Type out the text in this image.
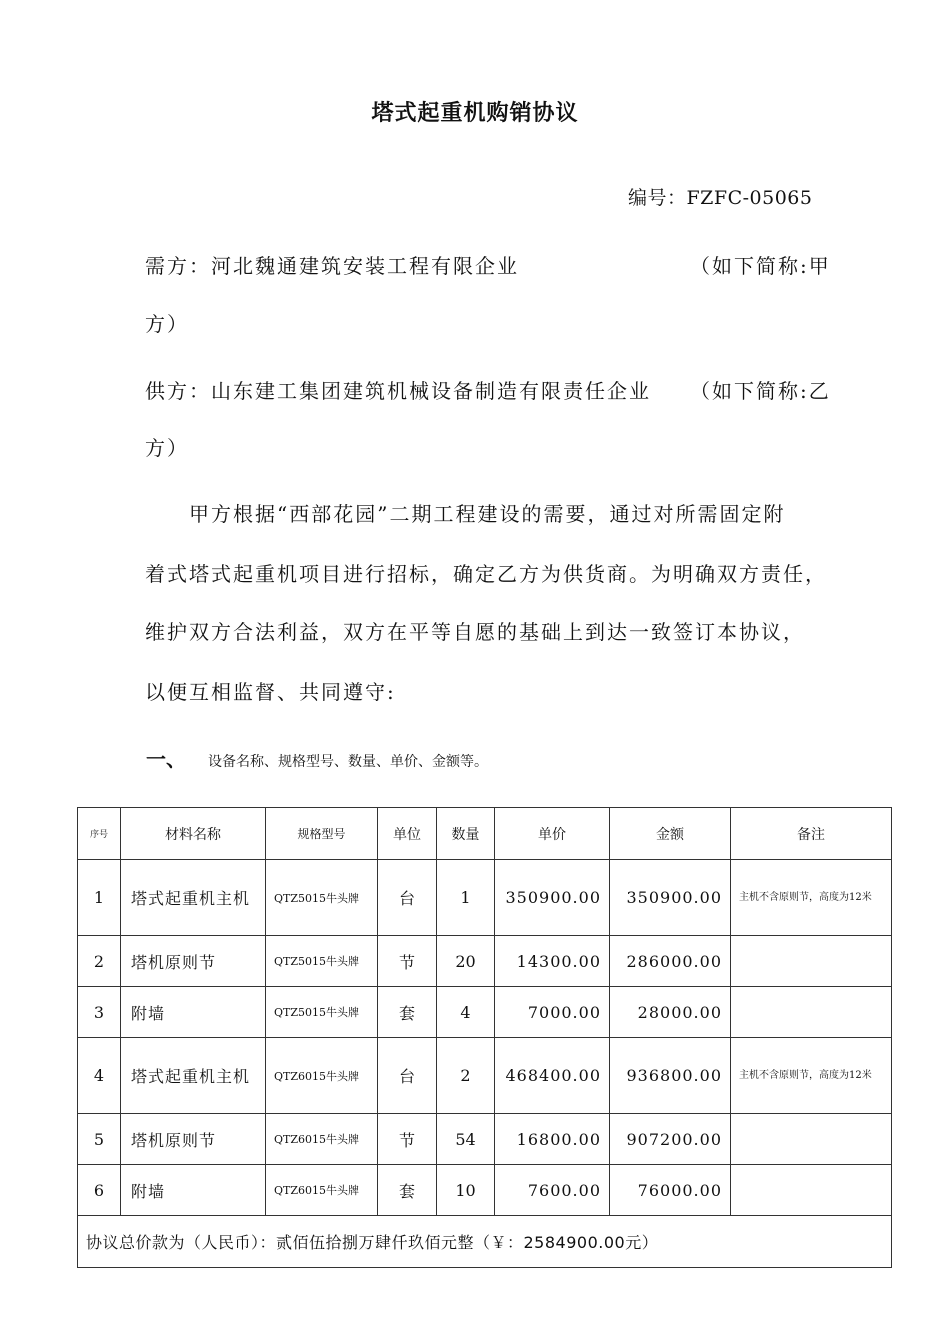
塔式起重机购销协议
编号：FZFC-05065
需方：河北魏通建筑安装工程有限企业	（如下简称:甲
方）
供方：山东建工集团建筑机械设备制造有限责任企业 （如下简称:乙
方）
　　甲方根据“西部花园”二期工程建设的需要，通过对所需固定附
着式塔式起重机项目进行招标，确定乙方为供货商。为明确双方责任，
维护双方合法利益，双方在平等自愿的基础上到达一致签订本协议，
以便互相监督、共同遵守:
一、 设备名称、规格型号、数量、单价、金额等。
序号	材料名称	规格型号	单位	数量	单价	金额	备注
1	塔式起重机主机	QTZ5015牛头牌	台	1	350900.00	350900.00	主机不含原则节，高度为12米
2	塔机原则节	QTZ5015牛头牌	节	20	14300.00	286000.00	
3	附墙	QTZ5015牛头牌	套	4	7000.00	28000.00	
4	塔式起重机主机	QTZ6015牛头牌	台	2	468400.00	936800.00	主机不含原则节，高度为12米
5	塔机原则节	QTZ6015牛头牌	节	54	16800.00	907200.00	
6	附墙	QTZ6015牛头牌	套	10	7600.00	76000.00	
协议总价款为（人民币）：贰佰伍拾捌万肆仟玖佰元整（￥：2584900.00元）							
